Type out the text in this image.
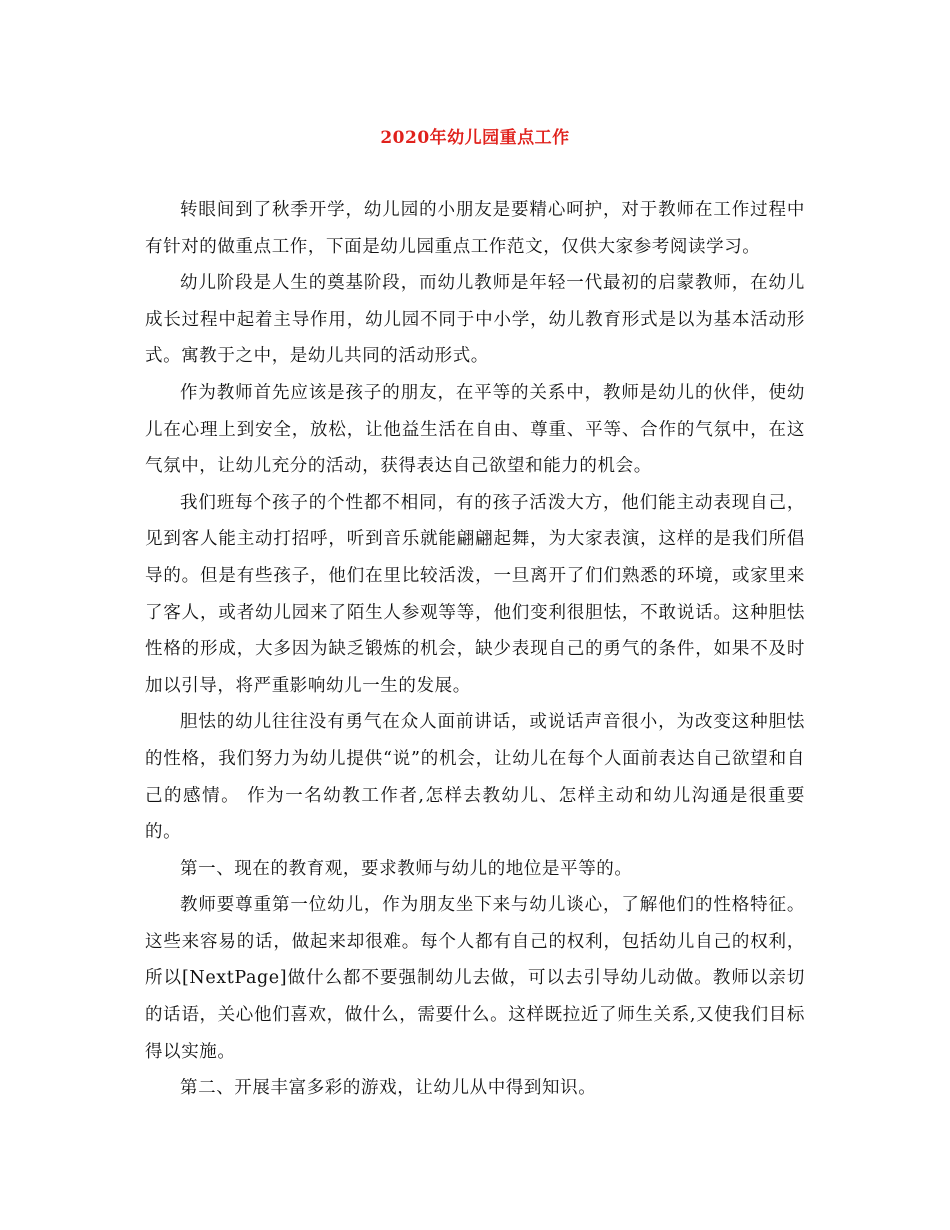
2020年幼儿园重点工作

转眼间到了秋季开学，幼儿园的小朋友是要精心呵护，对于教师在工作过程中有针对的做重点工作，下面是幼儿园重点工作范文，仅供大家参考阅读学习。

幼儿阶段是人生的奠基阶段，而幼儿教师是年轻一代最初的启蒙教师，在幼儿成长过程中起着主导作用，幼儿园不同于中小学，幼儿教育形式是以为基本活动形式。寓教于之中，是幼儿共同的活动形式。

作为教师首先应该是孩子的朋友，在平等的关系中，教师是幼儿的伙伴，使幼儿在心理上到安全，放松，让他益生活在自由、尊重、平等、合作的气氛中，在这气氛中，让幼儿充分的活动，获得表达自己欲望和能力的机会。

我们班每个孩子的个性都不相同，有的孩子活泼大方，他们能主动表现自己，见到客人能主动打招呼，听到音乐就能翩翩起舞，为大家表演，这样的是我们所倡导的。但是有些孩子，他们在里比较活泼，一旦离开了们们熟悉的环境，或家里来了客人，或者幼儿园来了陌生人参观等等，他们变利很胆怯，不敢说话。这种胆怯性格的形成，大多因为缺乏锻炼的机会，缺少表现自己的勇气的条件，如果不及时加以引导，将严重影响幼儿一生的发展。

胆怯的幼儿往往没有勇气在众人面前讲话，或说话声音很小，为改变这种胆怯的性格，我们努力为幼儿提供“说”的机会，让幼儿在每个人面前表达自己欲望和自己的感情。 作为一名幼教工作者,怎样去教幼儿、怎样主动和幼儿沟通是很重要的。

第一、现在的教育观，要求教师与幼儿的地位是平等的。

教师要尊重第一位幼儿，作为朋友坐下来与幼儿谈心，了解他们的性格特征。这些来容易的话，做起来却很难。每个人都有自己的权利，包括幼儿自己的权利，所以[NextPage]做什么都不要强制幼儿去做，可以去引导幼儿动做。教师以亲切的话语，关心他们喜欢，做什么，需要什么。这样既拉近了师生关系,又使我们目标得以实施。

第二、开展丰富多彩的游戏，让幼儿从中得到知识。
